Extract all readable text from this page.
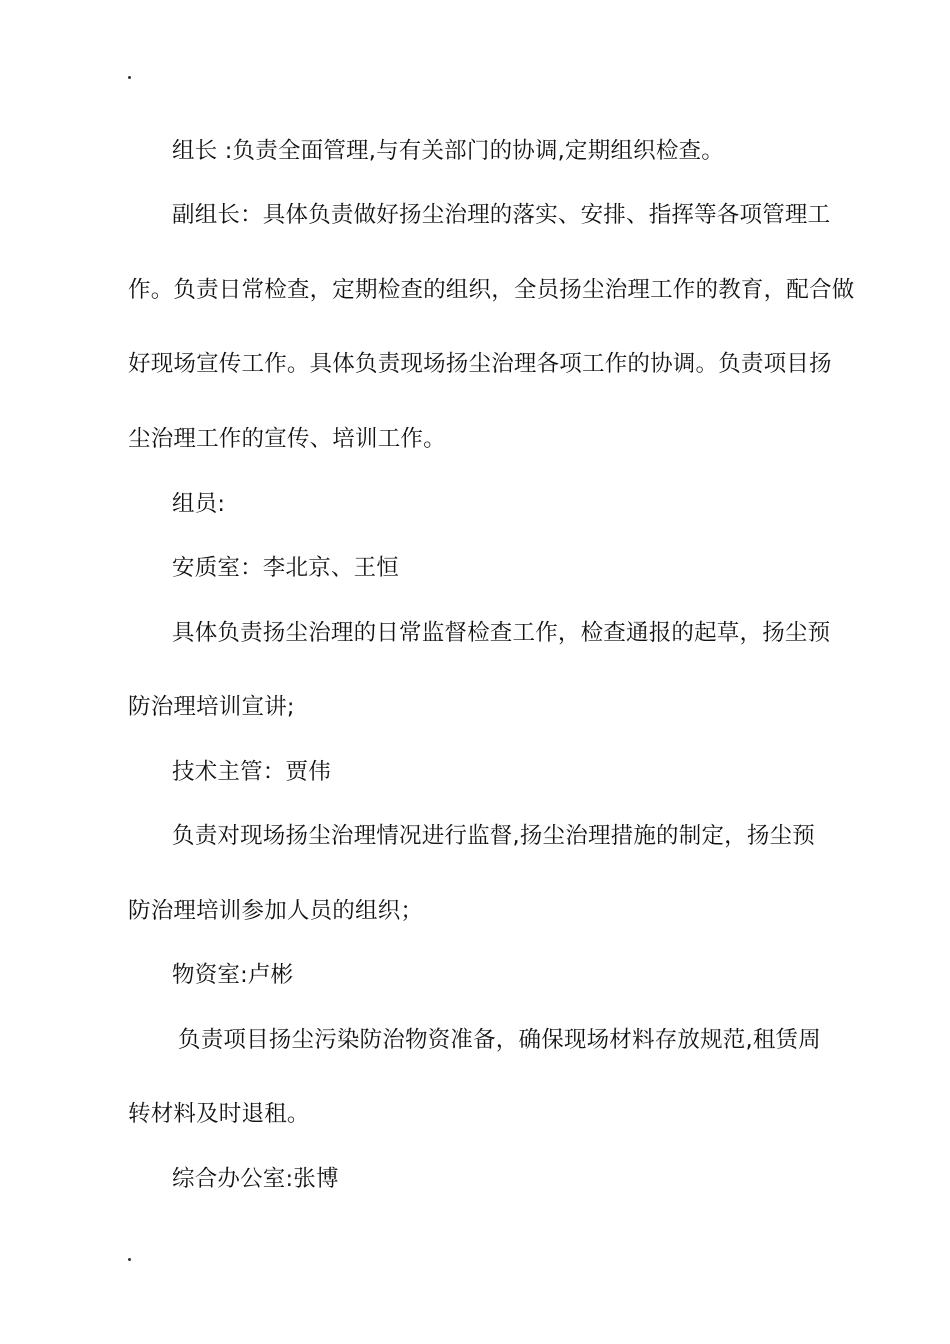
组长 :负责全面管理,与有关部门的协调,定期组织检查。
副组长：具体负责做好扬尘治理的落实、安排、指挥等各项管理工
作。负责日常检查，定期检查的组织，全员扬尘治理工作的教育，配合做
好现场宣传工作。具体负责现场扬尘治理各项工作的协调。负责项目扬
尘治理工作的宣传、培训工作。
组员:
安质室：李北京、王恒
具体负责扬尘治理的日常监督检查工作，检查通报的起草，扬尘预
防治理培训宣讲;
技术主管：贾伟
负责对现场扬尘治理情况进行监督,扬尘治理措施的制定，扬尘预
防治理培训参加人员的组织；
物资室:卢彬
负责项目扬尘污染防治物资准备，确保现场材料存放规范,租赁周
转材料及时退租。
综合办公室:张博
